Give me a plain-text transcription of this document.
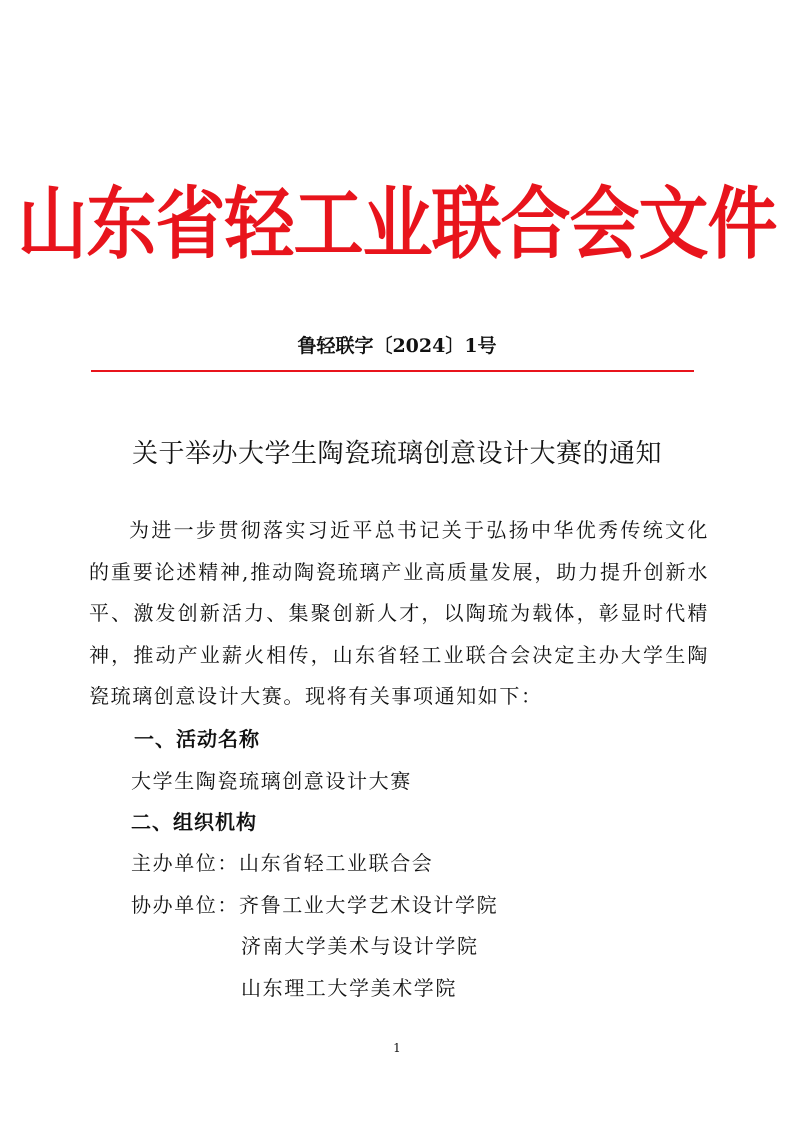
山东省轻工业联合会文件
鲁轻联字〔2024〕1号
关于举办大学生陶瓷琉璃创意设计大赛的通知
为进一步贯彻落实习近平总书记关于弘扬中华优秀传统文化的重要论述精神,推动陶瓷琉璃产业高质量发展，助力提升创新水平、激发创新活力、集聚创新人才，以陶琉为载体，彰显时代精神，推动产业薪火相传，山东省轻工业联合会决定主办大学生陶瓷琉璃创意设计大赛。现将有关事项通知如下：
一、活动名称
大学生陶瓷琉璃创意设计大赛
二、组织机构
主办单位：山东省轻工业联合会
协办单位：齐鲁工业大学艺术设计学院
济南大学美术与设计学院
山东理工大学美术学院
1
